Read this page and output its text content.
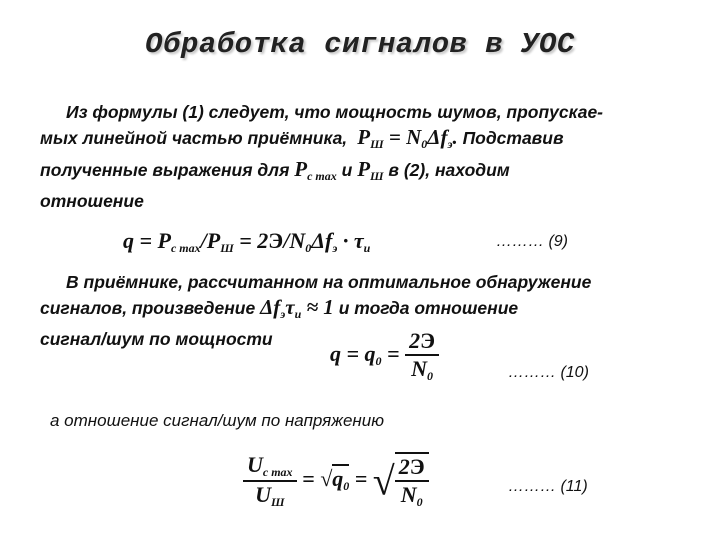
Обработка сигналов в УОС
Из формулы (1) следует, что мощность шумов, пропускае-
мых линейной частью приёмника,  $P_Ш = N_0\Delta f_э$. Подставив
полученные выражения для $P_{c max}$ и $P_Ш$ в (2), находим
отношение
$q = P_{c max}/P_Ш = 2Э/N_0\Delta f_э \cdot \tau_и$	……… (9)
В приёмнике, рассчитанном на оптимальное обнаружение
сигналов, произведение $\Delta f_э\tau_и \approx 1$ и тогда отношение
сигнал/шум по мощности
$q = q_0 = \frac{2Э}{N_0}$	……… (10)
а отношение сигнал/шум по напряжению
$\frac{U_{c max}}{U_Ш} = √q_0$ = √ $\frac{2Э}{N_0}$	……… (11)
